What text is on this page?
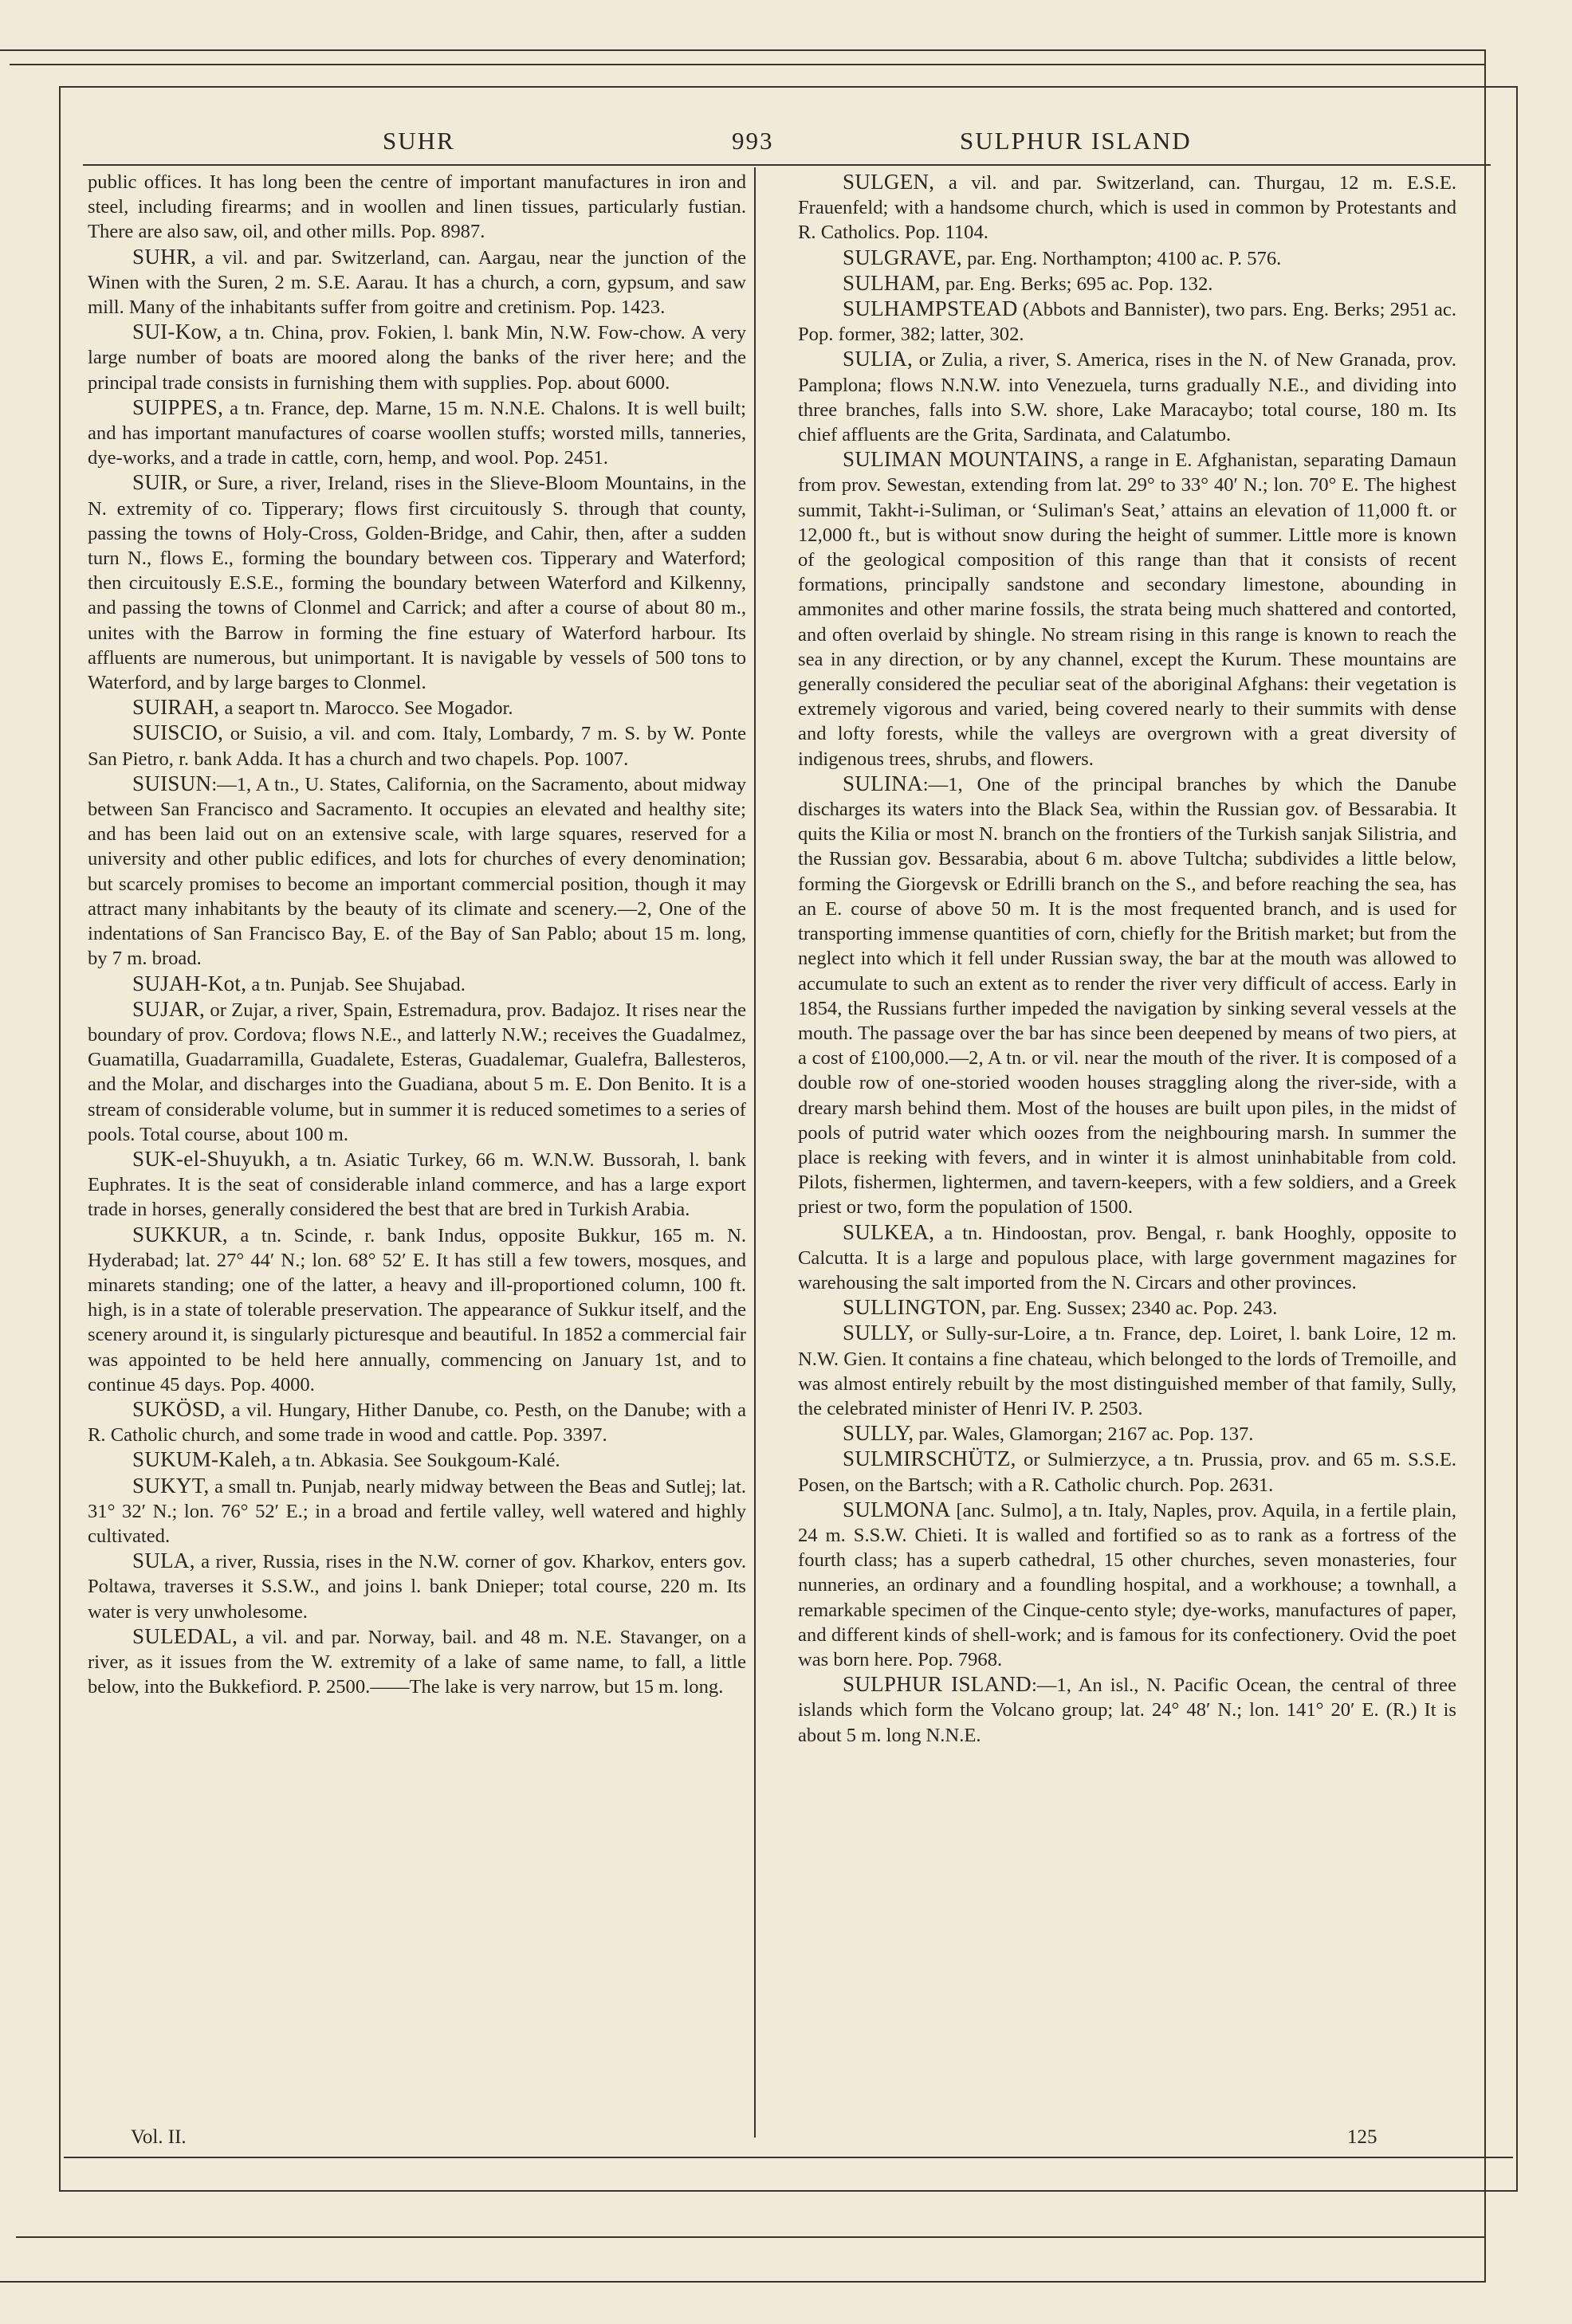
SUHR	993	SULPHUR ISLAND

public offices. It has long been the centre of important manufactures in iron and steel, including firearms; and in woollen and linen tissues, particularly fustian. There are also saw, oil, and other mills. Pop. 8987.

SUHR, a vil. and par. Switzerland, can. Aargau, near the junction of the Winen with the Suren, 2 m. S.E. Aarau. It has a church, a corn, gypsum, and saw mill. Many of the inhabitants suffer from goitre and cretinism. Pop. 1423.

SUI-Kow, a tn. China, prov. Fokien, l. bank Min, N.W. Fow-chow. A very large number of boats are moored along the banks of the river here; and the principal trade consists in furnishing them with supplies. Pop. about 6000.

SUIPPES, a tn. France, dep. Marne, 15 m. N.N.E. Chalons. It is well built; and has important manufactures of coarse woollen stuffs; worsted mills, tanneries, dye-works, and a trade in cattle, corn, hemp, and wool. Pop. 2451.

SUIR, or Sure, a river, Ireland, rises in the Slieve-Bloom Mountains, in the N. extremity of co. Tipperary; flows first circuitously S. through that county, passing the towns of Holy-Cross, Golden-Bridge, and Cahir, then, after a sudden turn N., flows E., forming the boundary between cos. Tipperary and Waterford; then circuitously E.S.E., forming the boundary between Waterford and Kilkenny, and passing the towns of Clonmel and Carrick; and after a course of about 80 m., unites with the Barrow in forming the fine estuary of Waterford harbour. Its affluents are numerous, but unimportant. It is navigable by vessels of 500 tons to Waterford, and by large barges to Clonmel.

SUIRAH, a seaport tn. Marocco. See Mogador.

SUISCIO, or Suisio, a vil. and com. Italy, Lombardy, 7 m. S. by W. Ponte San Pietro, r. bank Adda. It has a church and two chapels. Pop. 1007.

SUISUN:—1, A tn., U. States, California, on the Sacramento, about midway between San Francisco and Sacramento. It occupies an elevated and healthy site; and has been laid out on an extensive scale, with large squares, reserved for a university and other public edifices, and lots for churches of every denomination; but scarcely promises to become an important commercial position, though it may attract many inhabitants by the beauty of its climate and scenery.—2, One of the indentations of San Francisco Bay, E. of the Bay of San Pablo; about 15 m. long, by 7 m. broad.

SUJAH-Kot, a tn. Punjab. See Shujabad.

SUJAR, or Zujar, a river, Spain, Estremadura, prov. Badajoz. It rises near the boundary of prov. Cordova; flows N.E., and latterly N.W.; receives the Guadalmez, Guamatilla, Guadarramilla, Guadalete, Esteras, Guadalemar, Gualefra, Ballesteros, and the Molar, and discharges into the Guadiana, about 5 m. E. Don Benito. It is a stream of considerable volume, but in summer it is reduced sometimes to a series of pools. Total course, about 100 m.

SUK-el-Shuyukh, a tn. Asiatic Turkey, 66 m. W.N.W. Bussorah, l. bank Euphrates. It is the seat of considerable inland commerce, and has a large export trade in horses, generally considered the best that are bred in Turkish Arabia.

SUKKUR, a tn. Scinde, r. bank Indus, opposite Bukkur, 165 m. N. Hyderabad; lat. 27° 44′ N.; lon. 68° 52′ E. It has still a few towers, mosques, and minarets standing; one of the latter, a heavy and ill-proportioned column, 100 ft. high, is in a state of tolerable preservation. The appearance of Sukkur itself, and the scenery around it, is singularly picturesque and beautiful. In 1852 a commercial fair was appointed to be held here annually, commencing on January 1st, and to continue 45 days. Pop. 4000.

SUKÖSD, a vil. Hungary, Hither Danube, co. Pesth, on the Danube; with a R. Catholic church, and some trade in wood and cattle. Pop. 3397.

SUKUM-Kaleh, a tn. Abkasia. See Soukgoum-Kalé.

SUKYT, a small tn. Punjab, nearly midway between the Beas and Sutlej; lat. 31° 32′ N.; lon. 76° 52′ E.; in a broad and fertile valley, well watered and highly cultivated.

SULA, a river, Russia, rises in the N.W. corner of gov. Kharkov, enters gov. Poltawa, traverses it S.S.W., and joins l. bank Dnieper; total course, 220 m. Its water is very unwholesome.

SULEDAL, a vil. and par. Norway, bail. and 48 m. N.E. Stavanger, on a river, as it issues from the W. extremity of a lake of same name, to fall, a little below, into the Bukkefiord. P. 2500.——The lake is very narrow, but 15 m. long.

SULGEN, a vil. and par. Switzerland, can. Thurgau, 12 m. E.S.E. Frauenfeld; with a handsome church, which is used in common by Protestants and R. Catholics. Pop. 1104.

SULGRAVE, par. Eng. Northampton; 4100 ac. P. 576.

SULHAM, par. Eng. Berks; 695 ac. Pop. 132.

SULHAMPSTEAD (Abbots and Bannister), two pars. Eng. Berks; 2951 ac. Pop. former, 382; latter, 302.

SULIA, or Zulia, a river, S. America, rises in the N. of New Granada, prov. Pamplona; flows N.N.W. into Venezuela, turns gradually N.E., and dividing into three branches, falls into S.W. shore, Lake Maracaybo; total course, 180 m. Its chief affluents are the Grita, Sardinata, and Calatumbo.

SULIMAN MOUNTAINS, a range in E. Afghanistan, separating Damaun from prov. Sewestan, extending from lat. 29° to 33° 40′ N.; lon. 70° E. The highest summit, Takht-i-Suliman, or ‘Suliman's Seat,’ attains an elevation of 11,000 ft. or 12,000 ft., but is without snow during the height of summer. Little more is known of the geological composition of this range than that it consists of recent formations, principally sandstone and secondary limestone, abounding in ammonites and other marine fossils, the strata being much shattered and contorted, and often overlaid by shingle. No stream rising in this range is known to reach the sea in any direction, or by any channel, except the Kurum. These mountains are generally considered the peculiar seat of the aboriginal Afghans: their vegetation is extremely vigorous and varied, being covered nearly to their summits with dense and lofty forests, while the valleys are overgrown with a great diversity of indigenous trees, shrubs, and flowers.

SULINA:—1, One of the principal branches by which the Danube discharges its waters into the Black Sea, within the Russian gov. of Bessarabia. It quits the Kilia or most N. branch on the frontiers of the Turkish sanjak Silistria, and the Russian gov. Bessarabia, about 6 m. above Tultcha; subdivides a little below, forming the Giorgevsk or Edrilli branch on the S., and before reaching the sea, has an E. course of above 50 m. It is the most frequented branch, and is used for transporting immense quantities of corn, chiefly for the British market; but from the neglect into which it fell under Russian sway, the bar at the mouth was allowed to accumulate to such an extent as to render the river very difficult of access. Early in 1854, the Russians further impeded the navigation by sinking several vessels at the mouth. The passage over the bar has since been deepened by means of two piers, at a cost of £100,000.—2, A tn. or vil. near the mouth of the river. It is composed of a double row of one-storied wooden houses straggling along the river-side, with a dreary marsh behind them. Most of the houses are built upon piles, in the midst of pools of putrid water which oozes from the neighbouring marsh. In summer the place is reeking with fevers, and in winter it is almost uninhabitable from cold. Pilots, fishermen, lightermen, and tavern-keepers, with a few soldiers, and a Greek priest or two, form the population of 1500.

SULKEA, a tn. Hindoostan, prov. Bengal, r. bank Hooghly, opposite to Calcutta. It is a large and populous place, with large government magazines for warehousing the salt imported from the N. Circars and other provinces.

SULLINGTON, par. Eng. Sussex; 2340 ac. Pop. 243.

SULLY, or Sully-sur-Loire, a tn. France, dep. Loiret, l. bank Loire, 12 m. N.W. Gien. It contains a fine chateau, which belonged to the lords of Tremoille, and was almost entirely rebuilt by the most distinguished member of that family, Sully, the celebrated minister of Henri IV. P. 2503.

SULLY, par. Wales, Glamorgan; 2167 ac. Pop. 137.

SULMIRSCHÜTZ, or Sulmierzyce, a tn. Prussia, prov. and 65 m. S.S.E. Posen, on the Bartsch; with a R. Catholic church. Pop. 2631.

SULMONA [anc. Sulmo], a tn. Italy, Naples, prov. Aquila, in a fertile plain, 24 m. S.S.W. Chieti. It is walled and fortified so as to rank as a fortress of the fourth class; has a superb cathedral, 15 other churches, seven monasteries, four nunneries, an ordinary and a foundling hospital, and a workhouse; a townhall, a remarkable specimen of the Cinque-cento style; dye-works, manufactures of paper, and different kinds of shell-work; and is famous for its confectionery. Ovid the poet was born here. Pop. 7968.

SULPHUR ISLAND:—1, An isl., N. Pacific Ocean, the central of three islands which form the Volcano group; lat. 24° 48′ N.; lon. 141° 20′ E. (R.) It is about 5 m. long N.N.E.

Vol. II.	125
